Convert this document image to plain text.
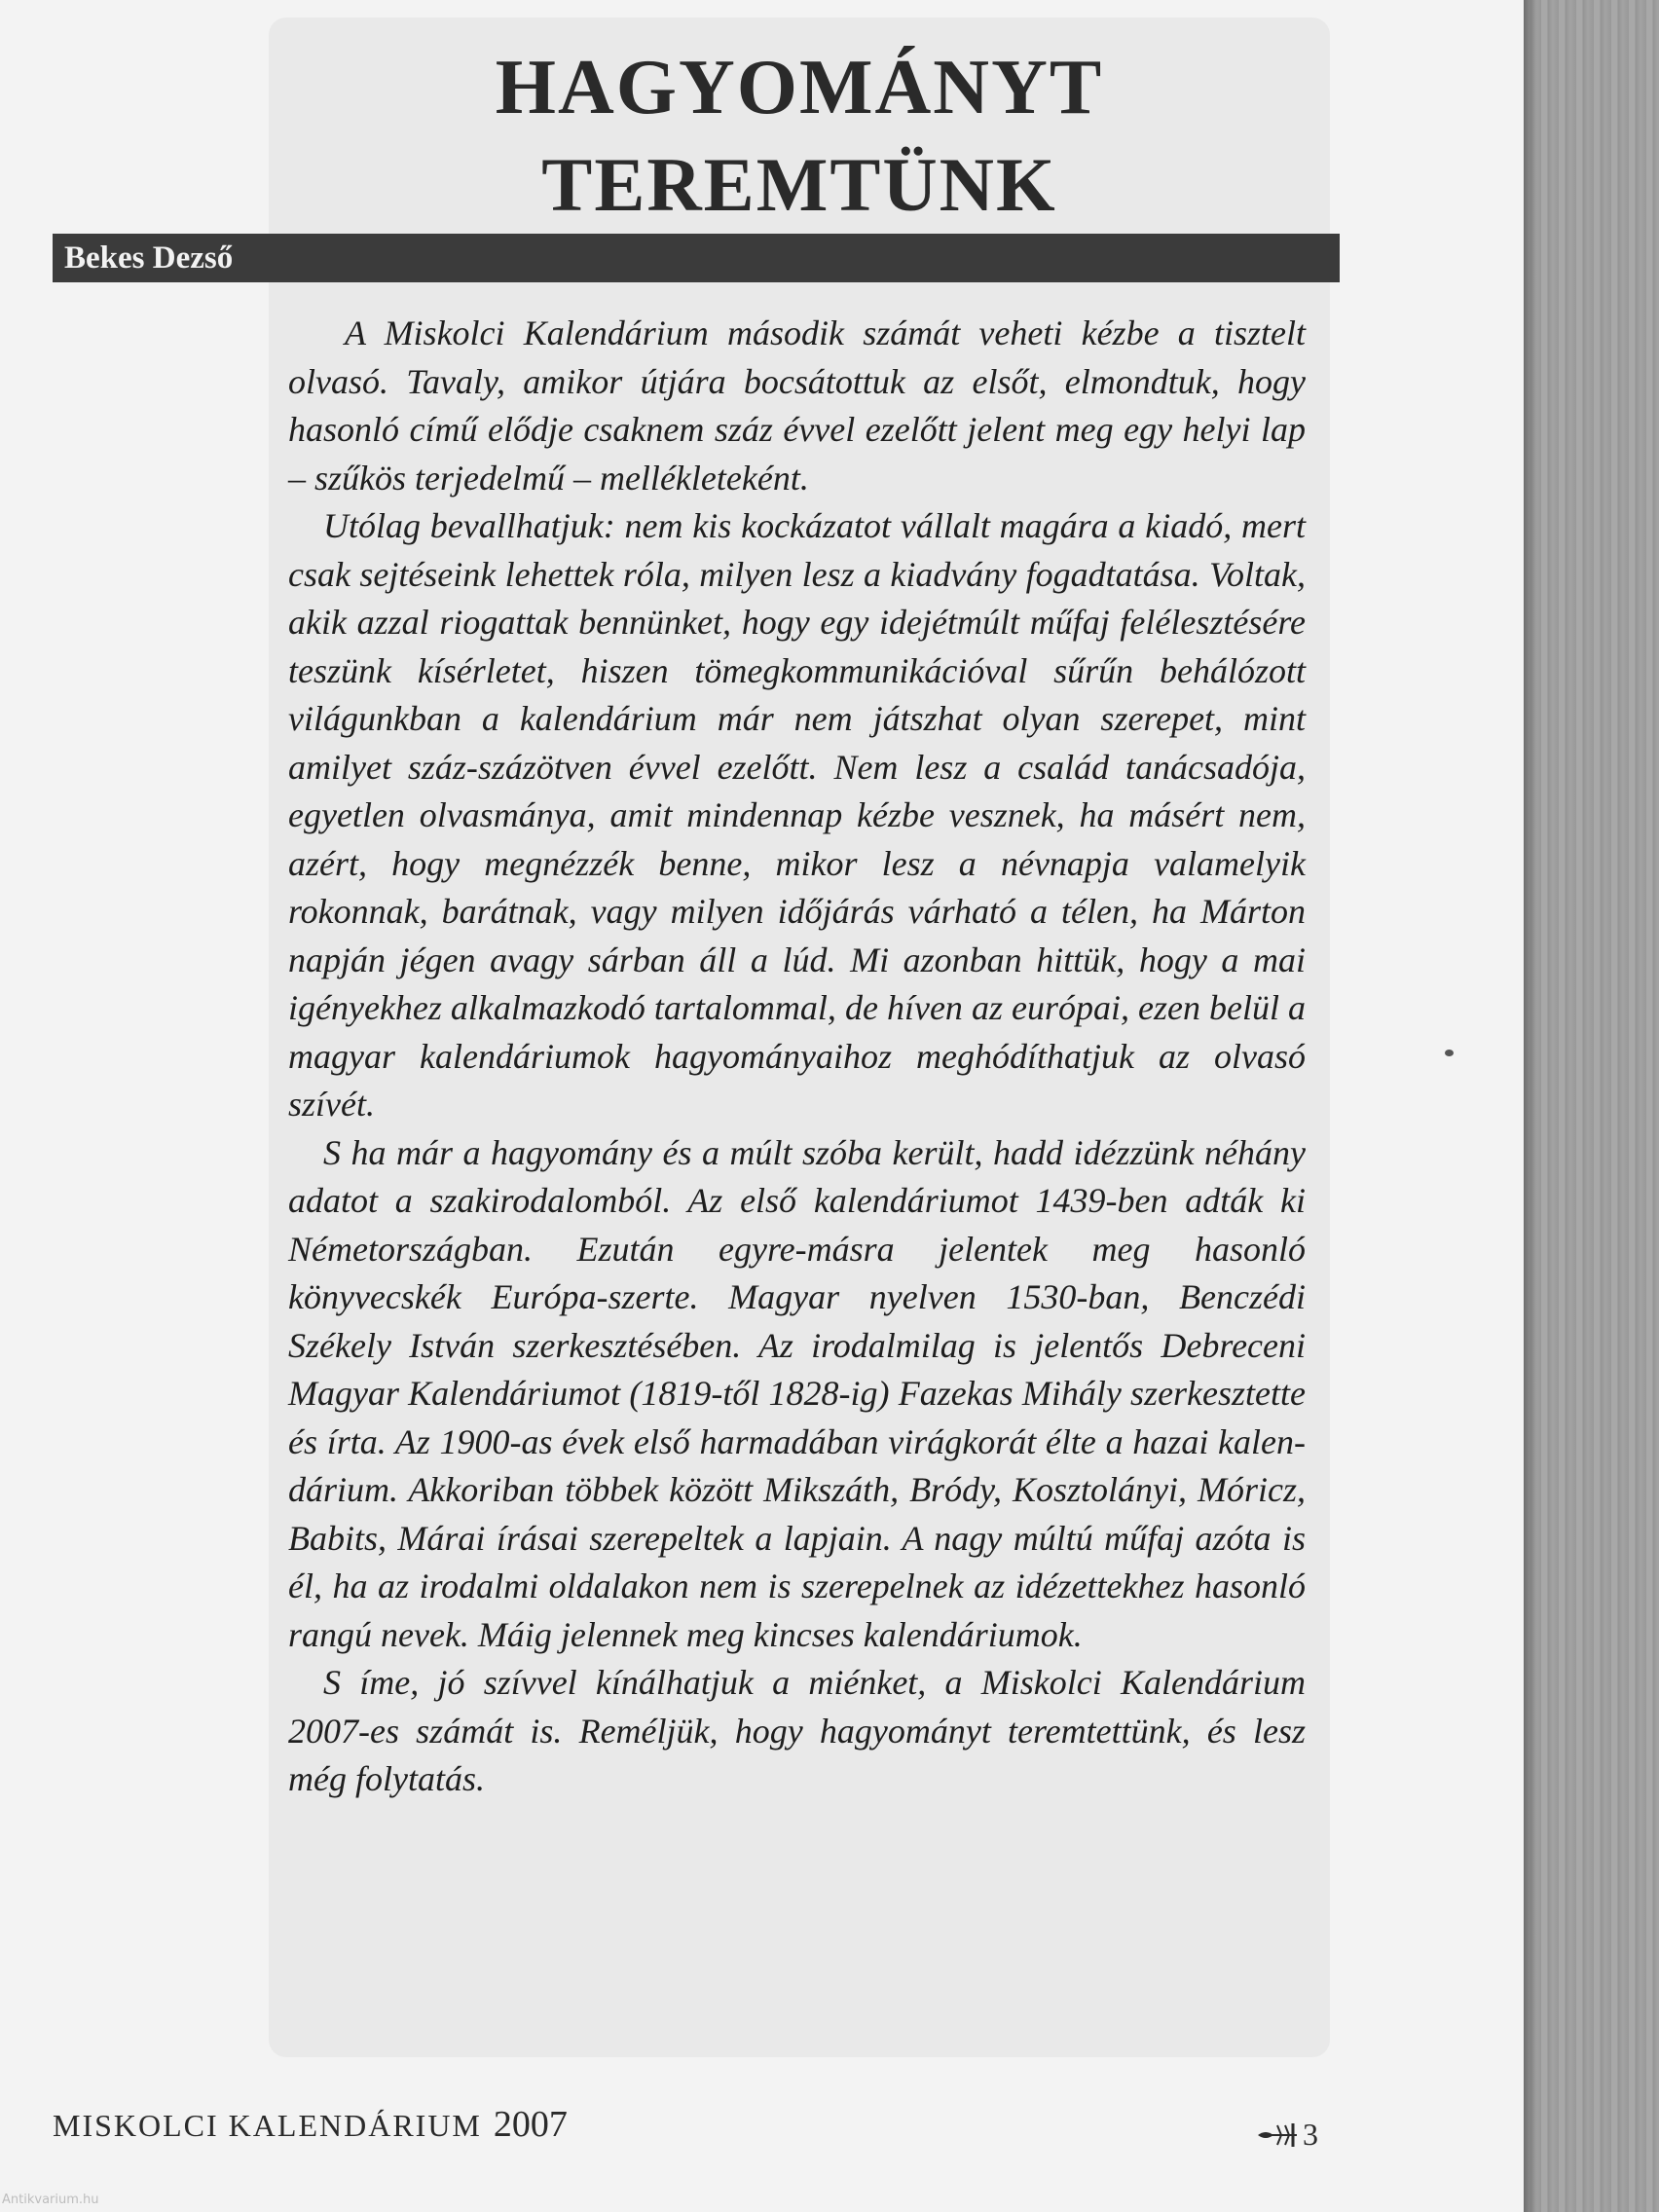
HAGYOMÁNYT
TEREMTÜNK
Bekes Dezső

A Miskolci Kalendárium második számát veheti kézbe a tisztelt olvasó. Tavaly, amikor útjára bocsátottuk az elsőt, elmondtuk, hogy hasonló című elődje csaknem száz évvel ezelőtt jelent meg egy helyi lap – szűkös terjedelmű – mellékleteként.

Utólag bevallhatjuk: nem kis kockázatot vállalt magára a kiadó, mert csak sejtéseink lehettek róla, milyen lesz a kiadvány fogadtatása. Voltak, akik azzal riogattak bennünket, hogy egy idejétmúlt műfaj felélesztésére teszünk kísérletet, hiszen tömegkommunikációval sűrűn behálózott világunkban a kalendárium már nem játszhat olyan szerepet, mint amilyet száz-százötven évvel ezelőtt. Nem lesz a család tanácsadója, egyetlen olvasmánya, amit mindennap kézbe vesznek, ha másért nem, azért, hogy megnézzék benne, mikor lesz a névnapja valamelyik rokonnak, barátnak, vagy milyen időjárás várható a télen, ha Márton napján jégen avagy sárban áll a lúd. Mi azonban hittük, hogy a mai igényekhez alkalmazkodó tartalommal, de híven az európai, ezen belül a magyar kalendáriumok hagyományaihoz meghódíthatjuk az olvasó szívét.

S ha már a hagyomány és a múlt szóba került, hadd idézzünk néhány adatot a szakirodalomból. Az első kalendáriumot 1439-ben adták ki Németországban. Ezután egyre-másra jelentek meg hasonló könyvecskék Európa-szerte. Magyar nyelven 1530-ban, Benczédi Székely István szerkesztésében. Az irodalmilag is jelentős Debreceni Magyar Kalendáriumot (1819-től 1828-ig) Fazekas Mihály szerkesztette és írta. Az 1900-as évek első harmadában virágkorát élte a hazai kalendárium. Akkoriban többek között Mikszáth, Bródy, Kosztolányi, Móricz, Babits, Márai írásai szerepeltek a lapjain. A nagy múltú műfaj azóta is él, ha az irodalmi oldalakon nem is szerepelnek az idézettekhez hasonló rangú nevek. Máig jelennek meg kincses kalendáriumok.

S íme, jó szívvel kínálhatjuk a miénket, a Miskolci Kalendárium 2007-es számát is. Reméljük, hogy hagyományt teremtettünk, és lesz még folytatás.

MISKOLCI KALENDÁRIUM 2007	3
Antikvarium.hu
